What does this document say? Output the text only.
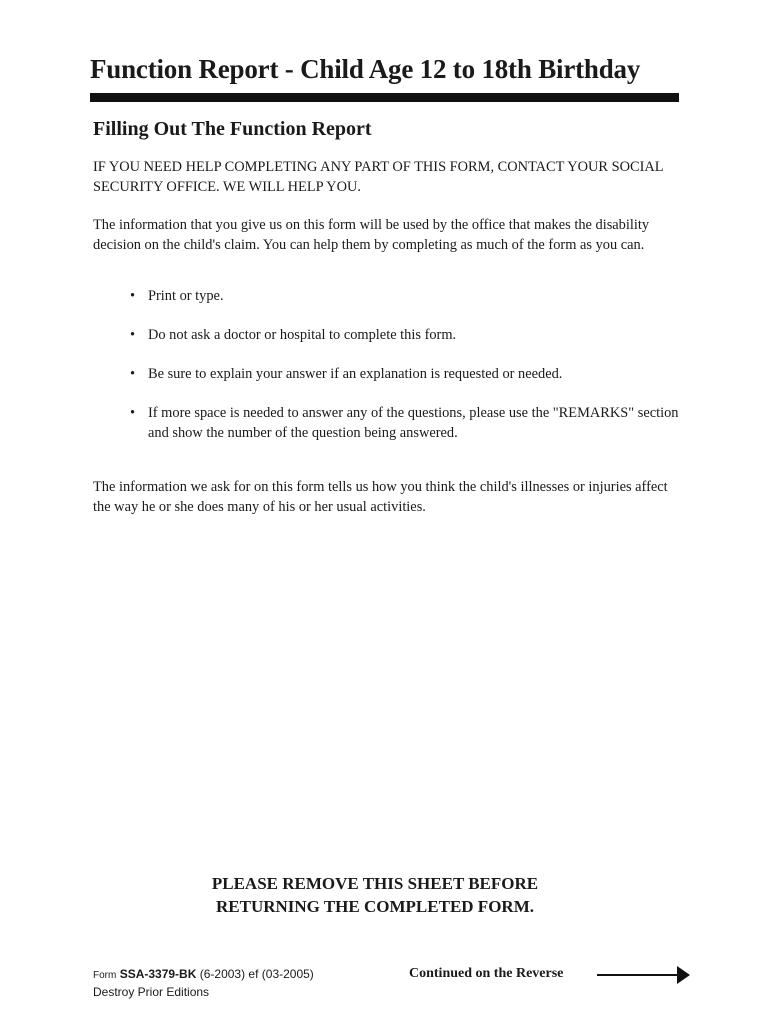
Function Report - Child Age 12 to 18th Birthday
Filling Out The Function Report

IF YOU NEED HELP COMPLETING ANY PART OF THIS FORM, CONTACT YOUR SOCIAL SECURITY OFFICE. WE WILL HELP YOU.

The information that you give us on this form will be used by the office that makes the disability decision on the child's claim. You can help them by completing as much of the form as you can.

• Print or type.
• Do not ask a doctor or hospital to complete this form.
• Be sure to explain your answer if an explanation is requested or needed.
• If more space is needed to answer any of the questions, please use the "REMARKS" section and show the number of the question being answered.

The information we ask for on this form tells us how you think the child's illnesses or injuries affect the way he or she does many of his or her usual activities.

PLEASE REMOVE THIS SHEET BEFORE
RETURNING THE COMPLETED FORM.
Form SSA-3379-BK (6-2003) ef (03-2005)
Destroy Prior Editions
Continued on the Reverse
